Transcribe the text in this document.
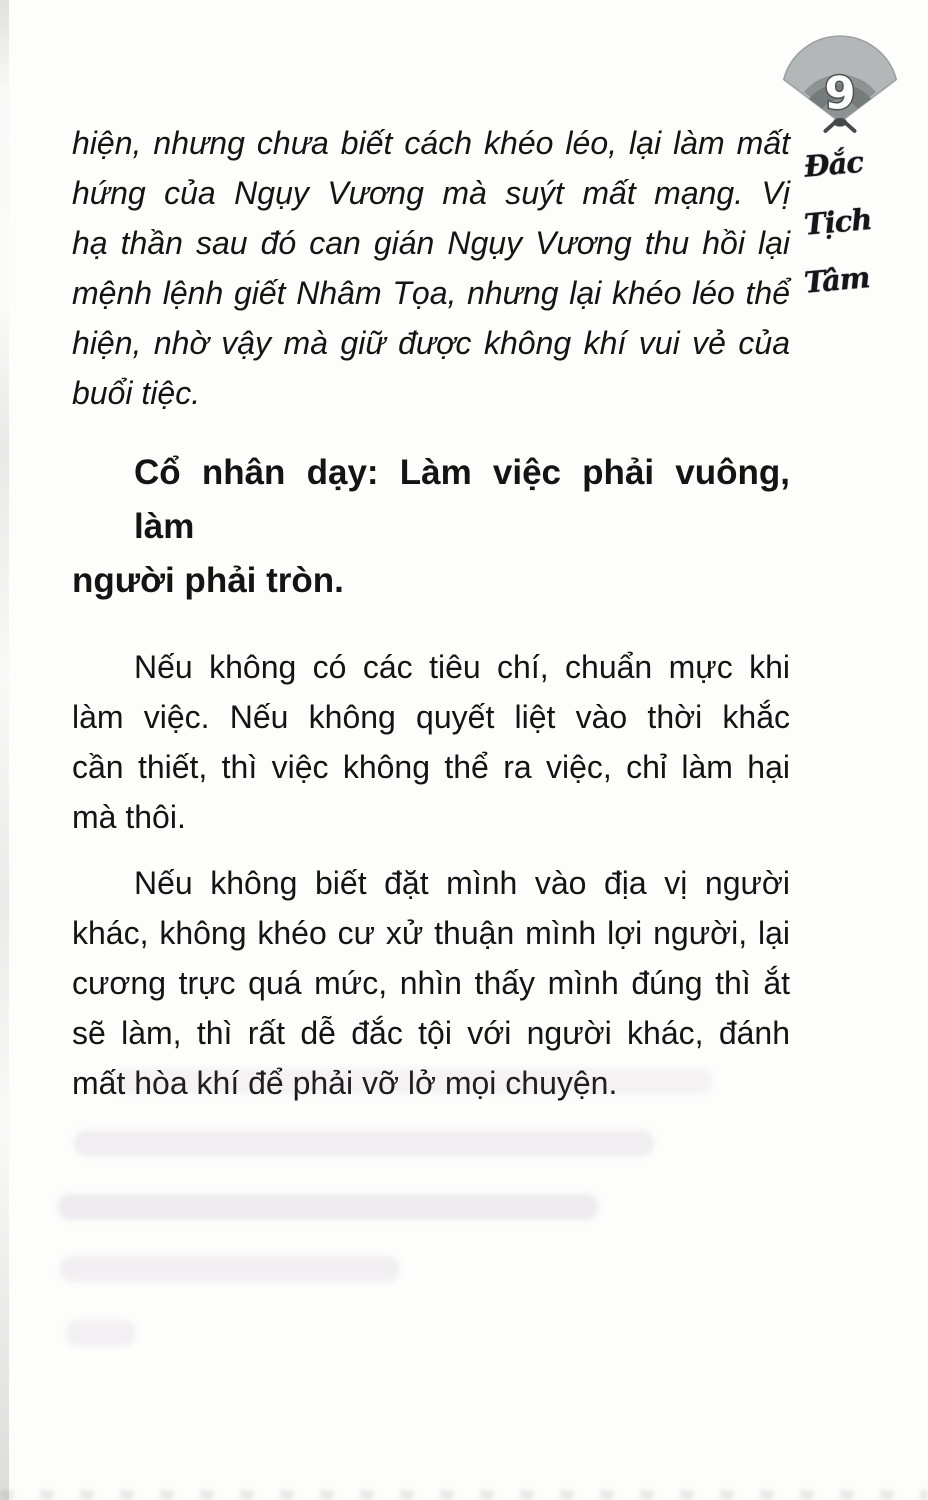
9
Đắc
Tịch
Tâm
hiện, nhưng chưa biết cách khéo léo, lại làm mất
hứng của Ngụy Vương mà suýt mất mạng. Vị
hạ thần sau đó can gián Ngụy Vương thu hồi lại
mệnh lệnh giết Nhâm Tọa, nhưng lại khéo léo thể
hiện, nhờ vậy mà giữ được không khí vui vẻ của
buổi tiệc.
Cổ nhân dạy: Làm việc phải vuông, làm
người phải tròn.
Nếu không có các tiêu chí, chuẩn mực khi
làm việc. Nếu không quyết liệt vào thời khắc
cần thiết, thì việc không thể ra việc, chỉ làm hại
mà thôi.
Nếu không biết đặt mình vào địa vị người
khác, không khéo cư xử thuận mình lợi người, lại
cương trực quá mức, nhìn thấy mình đúng thì ắt
sẽ làm, thì rất dễ đắc tội với người khác, đánh
mất hòa khí để phải vỡ lở mọi chuyện.
